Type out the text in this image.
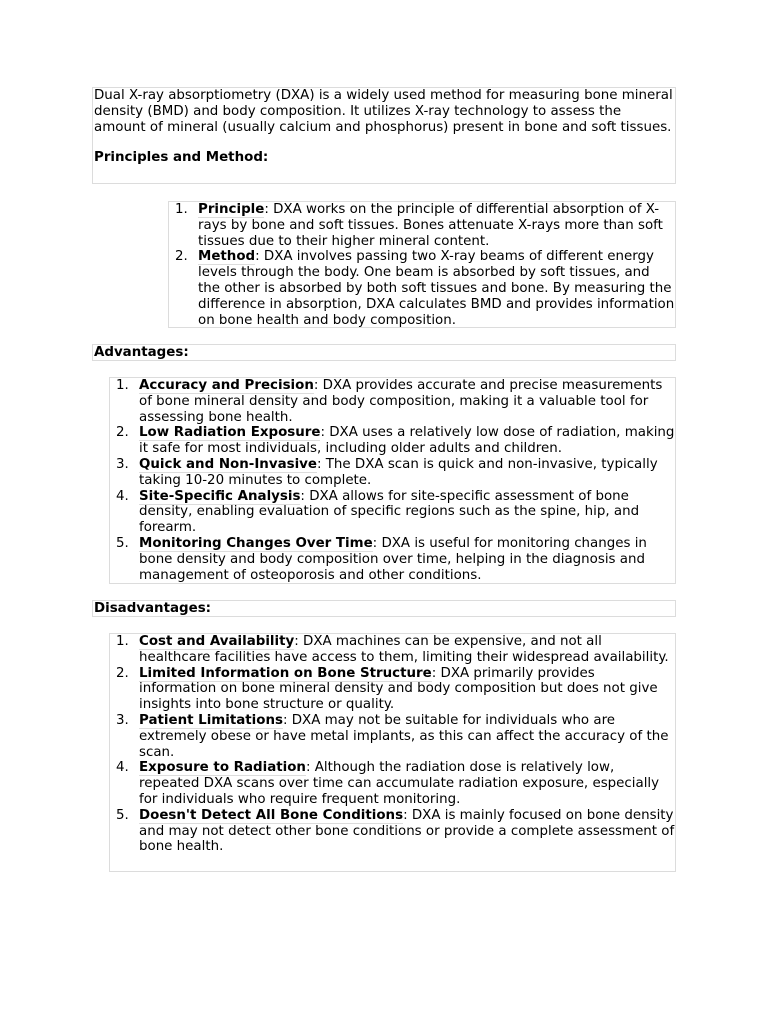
Dual X-ray absorptiometry (DXA) is a widely used method for measuring bone mineral density (BMD) and body composition. It utilizes X-ray technology to assess the amount of mineral (usually calcium and phosphorus) present in bone and soft tissues.

Principles and Method:

1. Principle: DXA works on the principle of differential absorption of X-rays by bone and soft tissues. Bones attenuate X-rays more than soft tissues due to their higher mineral content.
2. Method: DXA involves passing two X-ray beams of different energy levels through the body. One beam is absorbed by soft tissues, and the other is absorbed by both soft tissues and bone. By measuring the difference in absorption, DXA calculates BMD and provides information on bone health and body composition.

Advantages:

1. Accuracy and Precision: DXA provides accurate and precise measurements of bone mineral density and body composition, making it a valuable tool for assessing bone health.
2. Low Radiation Exposure: DXA uses a relatively low dose of radiation, making it safe for most individuals, including older adults and children.
3. Quick and Non-Invasive: The DXA scan is quick and non-invasive, typically taking 10-20 minutes to complete.
4. Site-Specific Analysis: DXA allows for site-specific assessment of bone density, enabling evaluation of specific regions such as the spine, hip, and forearm.
5. Monitoring Changes Over Time: DXA is useful for monitoring changes in bone density and body composition over time, helping in the diagnosis and management of osteoporosis and other conditions.

Disadvantages:

1. Cost and Availability: DXA machines can be expensive, and not all healthcare facilities have access to them, limiting their widespread availability.
2. Limited Information on Bone Structure: DXA primarily provides information on bone mineral density and body composition but does not give insights into bone structure or quality.
3. Patient Limitations: DXA may not be suitable for individuals who are extremely obese or have metal implants, as this can affect the accuracy of the scan.
4. Exposure to Radiation: Although the radiation dose is relatively low, repeated DXA scans over time can accumulate radiation exposure, especially for individuals who require frequent monitoring.
5. Doesn't Detect All Bone Conditions: DXA is mainly focused on bone density and may not detect other bone conditions or provide a complete assessment of bone health.
